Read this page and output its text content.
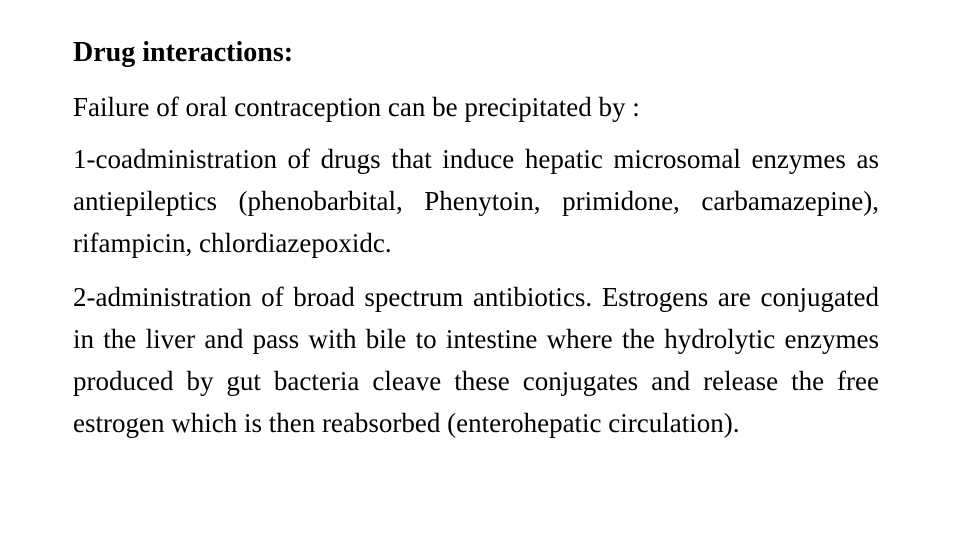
Drug interactions:

Failure of oral contraception can be precipitated by :

1-coadministration of drugs that induce hepatic microsomal enzymes as antiepileptics (phenobarbital, Phenytoin, primidone, carbamazepine), rifampicin, chlordiazepoxidc.

2-administration of broad spectrum antibiotics. Estrogens are conjugated in the liver and pass with bile to intestine where the hydrolytic enzymes produced by gut bacteria cleave these conjugates and release the free estrogen which is then reabsorbed (enterohepatic circulation).
